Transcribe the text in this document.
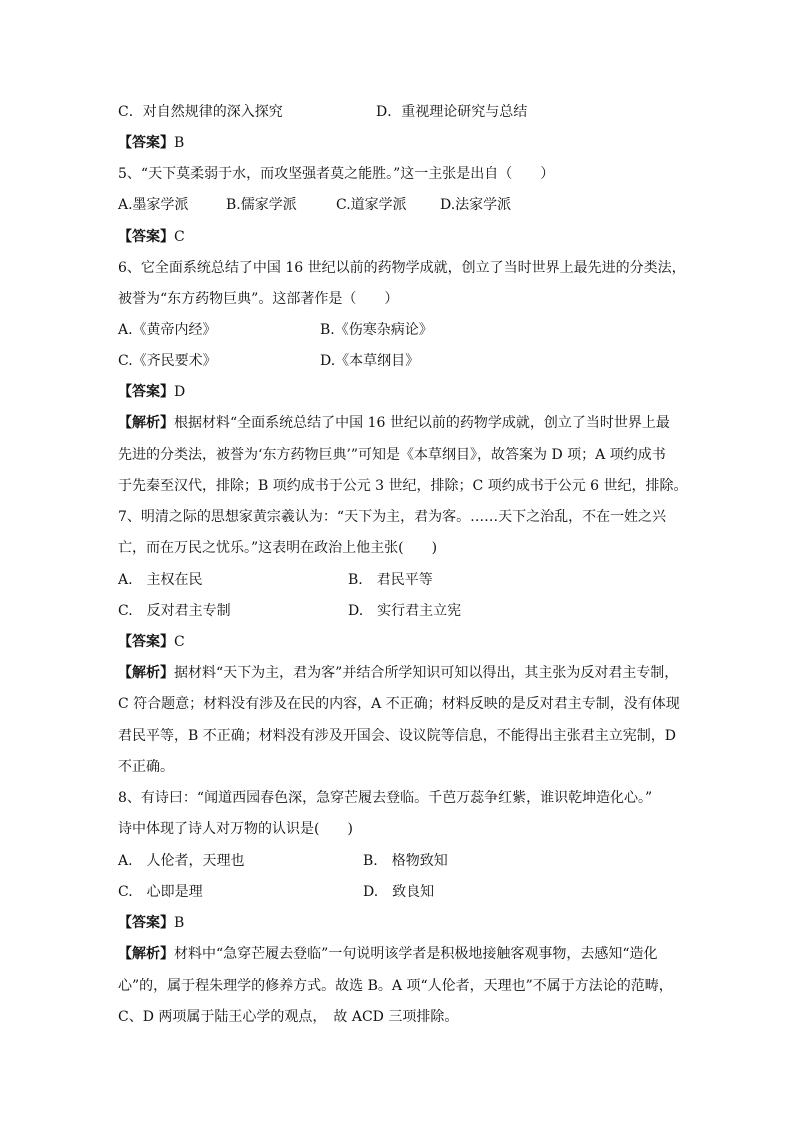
C．对自然规律的深入探究	D．重视理论研究与总结
【答案】B
5、“天下莫柔弱于水，而攻坚强者莫之能胜。”这一主张是出自（　　）
A.墨家学派	B.儒家学派	C.道家学派 D.法家学派
【答案】C
6、它全面系统总结了中国 16 世纪以前的药物学成就，创立了当时世界上最先进的分类法，
被誉为“东方药物巨典”。这部著作是（　　）
A.《黄帝内经》	B.《伤寒杂病论》
C.《齐民要术》	D.《本草纲目》
【答案】D
【解析】根据材料“全面系统总结了中国 16 世纪以前的药物学成就，创立了当时世界上最
先进的分类法，被誉为‘东方药物巨典’”可知是《本草纲目》，故答案为 D 项；A 项约成书
于先秦至汉代，排除；B 项约成书于公元 3 世纪，排除；C 项约成书于公元 6 世纪，排除。
7、明清之际的思想家黄宗羲认为：“天下为主，君为客。……天下之治乱，不在一姓之兴
亡，而在万民之忧乐。”这表明在政治上他主张(　　)
A.　主权在民	B.　君民平等
C.　反对君主专制	D.　实行君主立宪
【答案】C
【解析】据材料“天下为主，君为客”并结合所学知识可知以得出，其主张为反对君主专制，
C 符合题意；材料没有涉及在民的内容，A 不正确；材料反映的是反对君主专制，没有体现
君民平等，B 不正确；材料没有涉及开国会、设议院等信息，不能得出主张君主立宪制，D
不正确。
8、有诗曰：“闻道西园春色深，急穿芒履去登临。千芭万蕊争红紫，谁识乾坤造化心。”
诗中体现了诗人对万物的认识是(　　)
A.　人伦者，天理也	B.　格物致知
C.　心即是理	D.　致良知
【答案】B
【解析】材料中“急穿芒履去登临”一句说明该学者是积极地接触客观事物，去感知“造化
心”的，属于程朱理学的修养方式。故选 B。A 项“人伦者，天理也”不属于方法论的范畴，
C、D 两项属于陆王心学的观点，　故 ACD 三项排除。
